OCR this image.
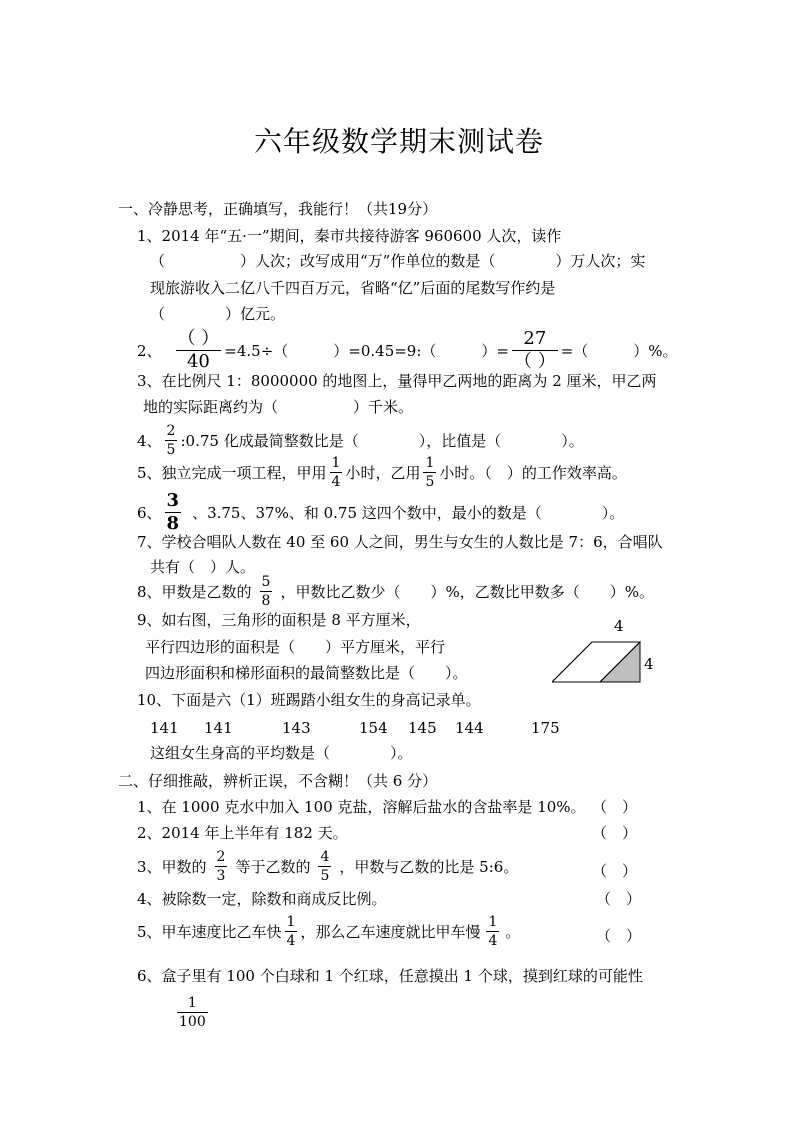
六年级数学期末测试卷
一、冷静思考，正确填写，我能行！（共19分）
1、2014 年“五·一”期间，秦市共接待游客 960600 人次，读作
（　　　　　）人次；改写成用“万”作单位的数是（　　　　）万人次；实
现旅游收入二亿八千四百万元，省略“亿”后面的尾数写作约是
（　　　　）亿元。
2、 $\frac{( )}{40} =4.5\div$（　　　）=0.45=9:（　　　）= $\frac{27}{( )}$ =（　　　）%。
3、在比例尺 1：8000000 的地图上，量得甲乙两地的距离为 2 厘米，甲乙两
地的实际距离约为（　　　　　）千米。
4、 $\frac{2}{5}$ :0.75 化成最简整数比是（　　　　），比值是（　　　　）。
5、独立完成一项工程，甲用 $\frac{1}{4}$ 小时，乙用 $\frac{1}{5}$ 小时。（　）的工作效率高。
6、 $\frac{3}{8}$ 、3.75、37%、和 0.75 这四个数中，最小的数是（　　　　）。
7、学校合唱队人数在 40 至 60 人之间，男生与女生的人数比是 7：6，合唱队
共有（　）人。
8、甲数是乙数的 $\frac{5}{8}$ ，甲数比乙数少（　　）%，乙数比甲数多（　　）%。
9、如右图，三角形的面积是 8 平方厘米，
平行四边形的面积是（　　）平方厘米，平行
四边形面积和梯形面积的最简整数比是（　　）。
4
4
10、下面是六（1）班踢踏小组女生的身高记录单。
141 141	143	154 145 144	175
这组女生身高的平均数是（　　　　）。
二、仔细推敲，辨析正误，不含糊！（共 6 分）
1、在 1000 克水中加入 100 克盐，溶解后盐水的含盐率是 10%。 （　）
2、2014 年上半年有 182 天。	（　）
3、甲数的 $\frac{2}{3}$ 等于乙数的 $\frac{4}{5}$ ，甲数与乙数的比是 5:6。	（　）
4、被除数一定，除数和商成反比例。	（　）
5、甲车速度比乙车快 $\frac{1}{4}$ ，那么乙车速度就比甲车慢 $\frac{1}{4}$ 。	（　）
6、盒子里有 100 个白球和 1 个红球，任意摸出 1 个球，摸到红球的可能性
$\frac{1}{100}$
